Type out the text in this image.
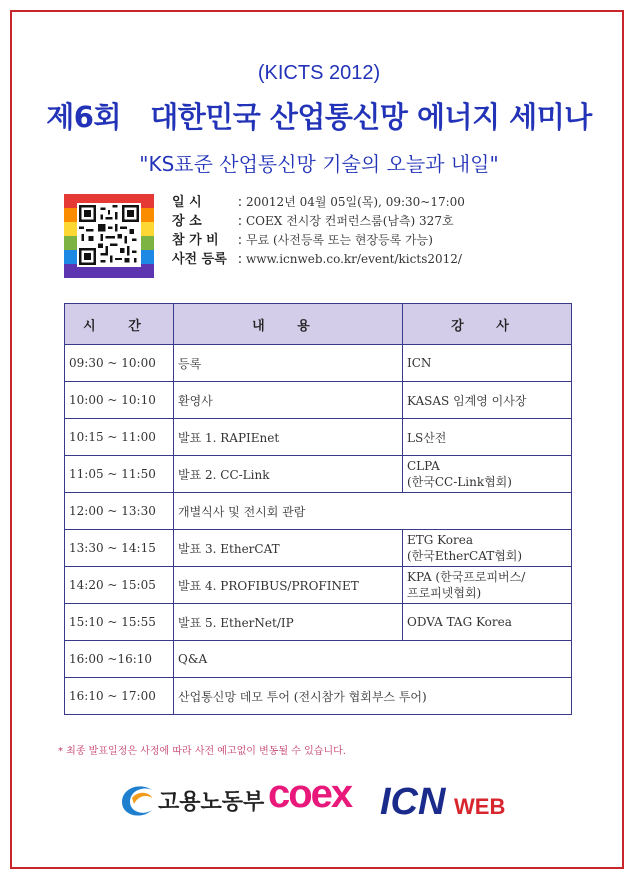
(KICTS 2012)
제6회 대한민국 산업통신망 에너지 세미나
"KS표준 산업통신망 기술의 오늘과 내일"
일 시	: 20012년 04월 05일(목), 09:30~17:00
장 소	: COEX 전시장 컨퍼런스룸(남측) 327호
참 가 비	: 무료 (사전등록 또는 현장등록 가능)
사전 등록 : www.icnweb.co.kr/event/kicts2012/
시 간	내 용	강 사
09:30 ~ 10:00	등록	ICN
10:00 ~ 10:10	환영사	KASAS 임계영 이사장
10:15 ~ 11:00	발표 1. RAPIEnet	LS산전
11:05 ~ 11:50	발표 2. CC-Link	CLPA
(한국CC-Link협회)
12:00 ~ 13:30	개별식사 및 전시회 관람	
13:30 ~ 14:15	발표 3. EtherCAT	ETG Korea
(한국EtherCAT협회)
14:20 ~ 15:05	발표 4. PROFIBUS/PROFINET	KPA (한국프로피버스/
프로피넷협회)
15:10 ~ 15:55	발표 5. EtherNet/IP	ODVA TAG Korea
16:00 ~16:10	Q&A	
16:10 ~ 17:00	산업통신망 데모 투어 (전시참가 협회부스 투어)	
* 최종 발표일정은 사정에 따라 사전 예고없이 변동될 수 있습니다.
고용노동부 coex ICN WEB
